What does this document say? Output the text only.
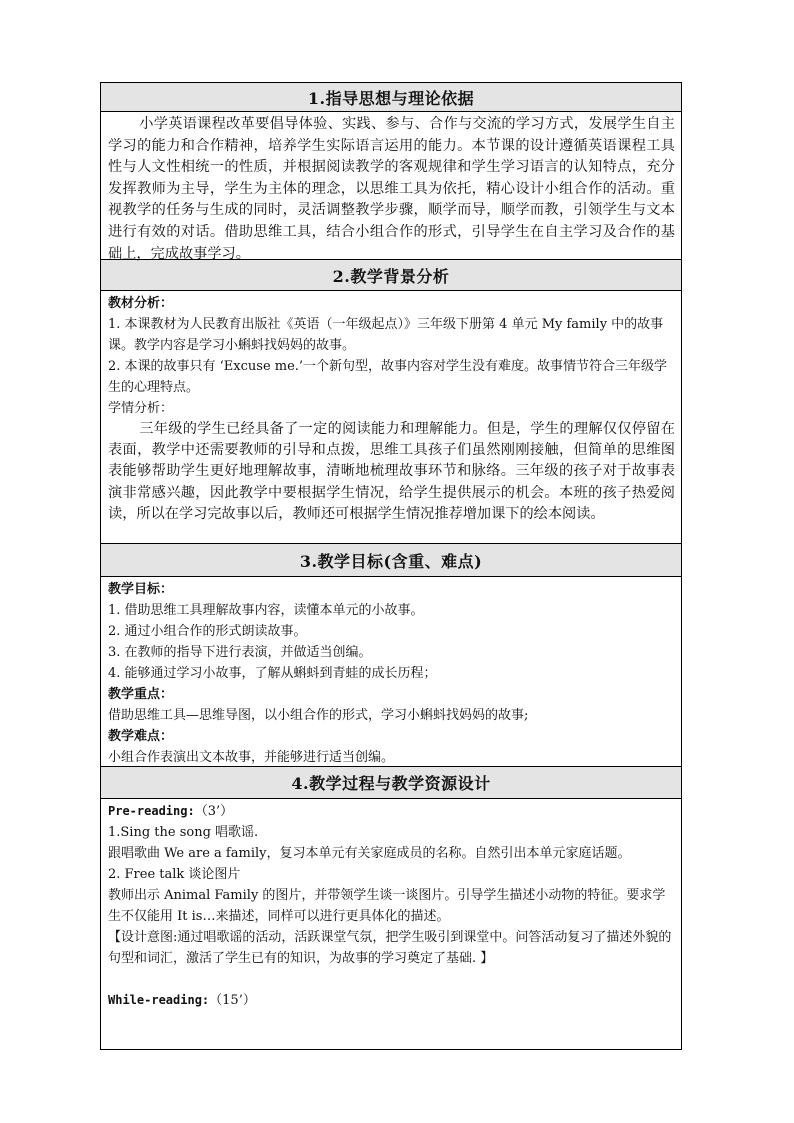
1.指导思想与理论依据

小学英语课程改革要倡导体验、实践、参与、合作与交流的学习方式，发展学生自主学习的能力和合作精神，培养学生实际语言运用的能力。本节课的设计遵循英语课程工具性与人文性相统一的性质，并根据阅读教学的客观规律和学生学习语言的认知特点，充分发挥教师为主导，学生为主体的理念，以思维工具为依托，精心设计小组合作的活动。重视教学的任务与生成的同时，灵活调整教学步骤，顺学而导，顺学而教，引领学生与文本进行有效的对话。借助思维工具，结合小组合作的形式，引导学生在自主学习及合作的基础上，完成故事学习。

2.教学背景分析

教材分析：

1. 本课教材为人民教育出版社《英语（一年级起点）》三年级下册第 4 单元 My family 中的故事课。教学内容是学习小蝌蚪找妈妈的故事。

2. 本课的故事只有 ‘Excuse me.’一个新句型，故事内容对学生没有难度。故事情节符合三年级学生的心理特点。

学情分析：

三年级的学生已经具备了一定的阅读能力和理解能力。但是，学生的理解仅仅停留在表面，教学中还需要教师的引导和点拨，思维工具孩子们虽然刚刚接触，但简单的思维图表能够帮助学生更好地理解故事，清晰地梳理故事环节和脉络。三年级的孩子对于故事表演非常感兴趣，因此教学中要根据学生情况，给学生提供展示的机会。本班的孩子热爱阅读，所以在学习完故事以后，教师还可根据学生情况推荐增加课下的绘本阅读。

3.教学目标(含重、难点)

教学目标：

1. 借助思维工具理解故事内容，读懂本单元的小故事。

2. 通过小组合作的形式朗读故事。

3. 在教师的指导下进行表演，并做适当创编。

4. 能够通过学习小故事，了解从蝌蚪到青蛙的成长历程；

教学重点：

借助思维工具—思维导图，以小组合作的形式，学习小蝌蚪找妈妈的故事;

教学难点：

小组合作表演出文本故事，并能够进行适当创编。

4.教学过程与教学资源设计

Pre-reading:（3’）

1.Sing the song 唱歌谣.

跟唱歌曲 We are a family，复习本单元有关家庭成员的名称。自然引出本单元家庭话题。

2. Free talk 谈论图片

教师出示 Animal Family 的图片，并带领学生谈一谈图片。引导学生描述小动物的特征。要求学生不仅能用 It is…来描述，同样可以进行更具体化的描述。

【设计意图:通过唱歌谣的活动，活跃课堂气氛，把学生吸引到课堂中。问答活动复习了描述外貌的句型和词汇，激活了学生已有的知识，为故事的学习奠定了基础. 】

While-reading:（15’）
